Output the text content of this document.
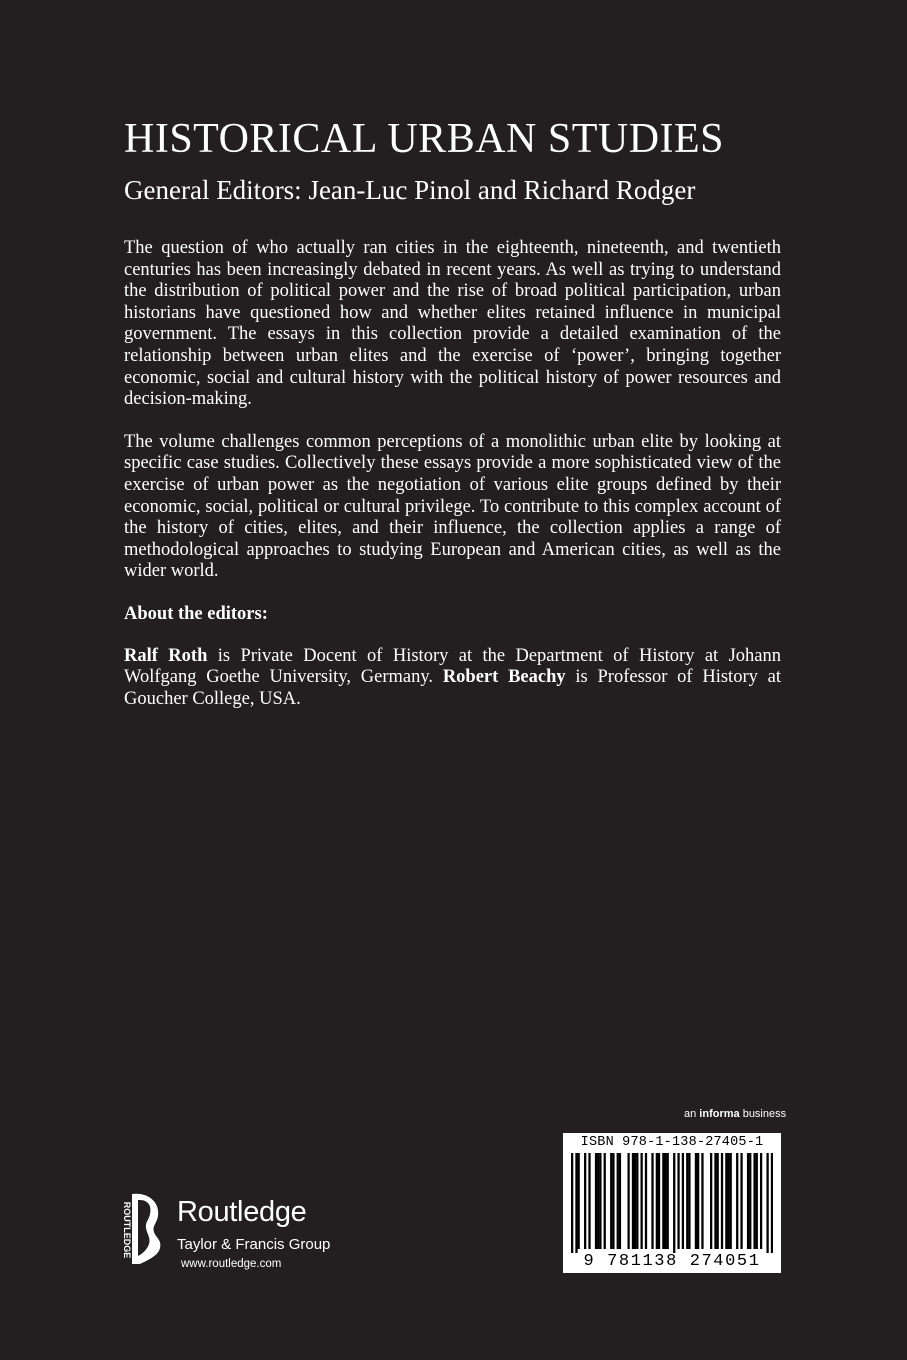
HISTORICAL URBAN STUDIES
General Editors: Jean-Luc Pinol and Richard Rodger

The question of who actually ran cities in the eighteenth, nineteenth, and twentieth centuries has been increasingly debated in recent years. As well as trying to understand the distribution of political power and the rise of broad political participation, urban historians have questioned how and whether elites retained influence in municipal government. The essays in this collection provide a detailed examination of the relationship between urban elites and the exercise of ‘power’, bringing together economic, social and cultural history with the political history of power resources and decision-making.

The volume challenges common perceptions of a monolithic urban elite by looking at specific case studies. Collectively these essays provide a more sophisticated view of the exercise of urban power as the negotiation of various elite groups defined by their economic, social, political or cultural privilege. To contribute to this complex account of the history of cities, elites, and their influence, the collection applies a range of methodological approaches to studying European and American cities, as well as the wider world.

About the editors:

Ralf Roth is Private Docent of History at the Department of History at Johann Wolfgang Goethe University, Germany. Robert Beachy is Professor of History at Goucher College, USA.

an informa business
ISBN 978-1-138-27405-1
9 781138 274051
ROUTLEDGE Routledge
Taylor & Francis Group
www.routledge.com
